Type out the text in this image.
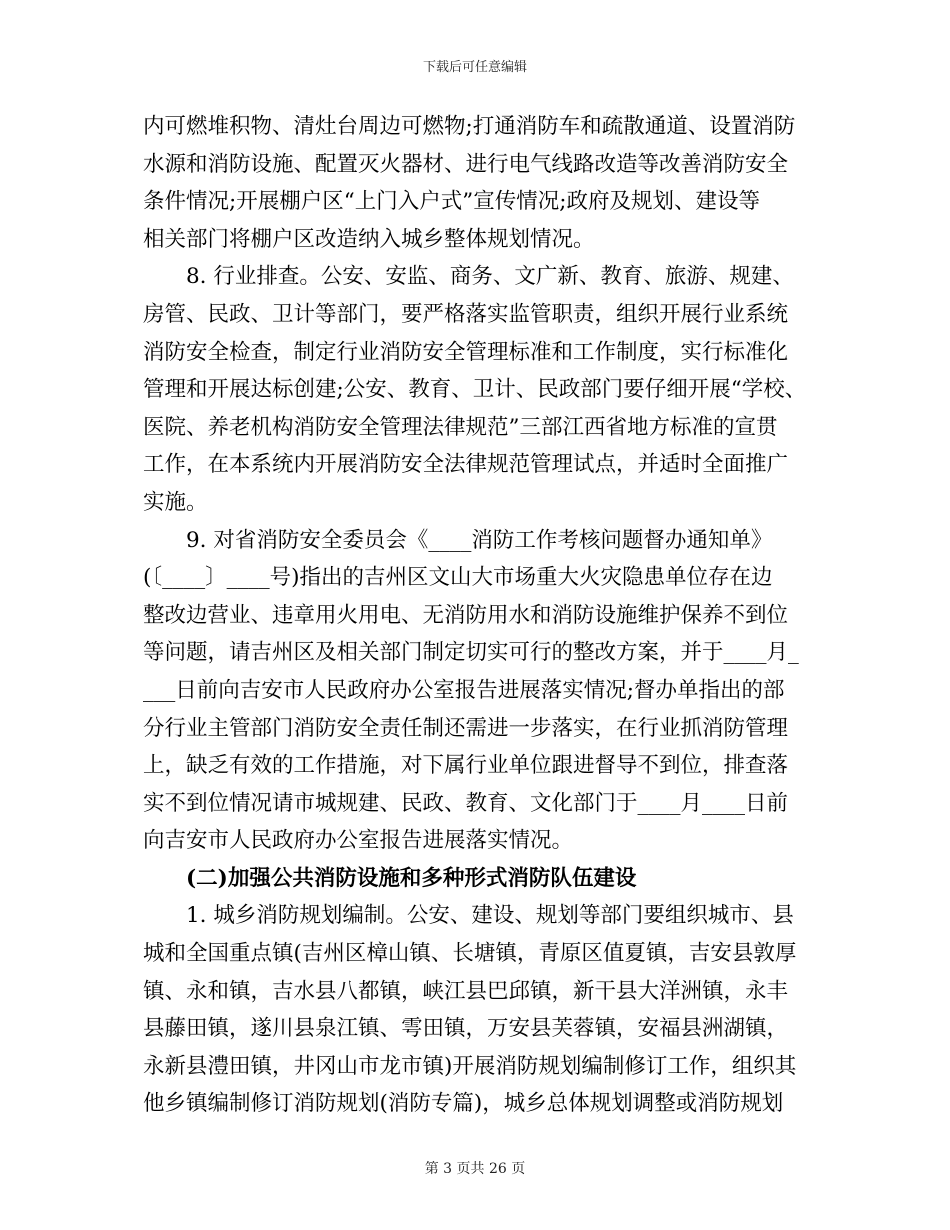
下载后可任意编辑
内可燃堆积物、清灶台周边可燃物;打通消防车和疏散通道、设置消防
水源和消防设施、配置灭火器材、进行电气线路改造等改善消防安全
条件情况;开展棚户区“上门入户式”宣传情况;政府及规划、建设等
相关部门将棚户区改造纳入城乡整体规划情况。
8. 行业排查。公安、安监、商务、文广新、教育、旅游、规建、
房管、民政、卫计等部门，要严格落实监管职责，组织开展行业系统
消防安全检查，制定行业消防安全管理标准和工作制度，实行标准化
管理和开展达标创建;公安、教育、卫计、民政部门要仔细开展“学校、
医院、养老机构消防安全管理法律规范”三部江西省地方标准的宣贯
工作，在本系统内开展消防安全法律规范管理试点，并适时全面推广
实施。
9. 对省消防安全委员会《____消防工作考核问题督办通知单》
(〔____〕____号)指出的吉州区文山大市场重大火灾隐患单位存在边
整改边营业、违章用火用电、无消防用水和消防设施维护保养不到位
等问题，请吉州区及相关部门制定切实可行的整改方案，并于____月_
___日前向吉安市人民政府办公室报告进展落实情况;督办单指出的部
分行业主管部门消防安全责任制还需进一步落实，在行业抓消防管理
上，缺乏有效的工作措施，对下属行业单位跟进督导不到位，排查落
实不到位情况请市城规建、民政、教育、文化部门于____月____日前
向吉安市人民政府办公室报告进展落实情况。
(二)加强公共消防设施和多种形式消防队伍建设
1. 城乡消防规划编制。公安、建设、规划等部门要组织城市、县
城和全国重点镇(吉州区樟山镇、长塘镇，青原区值夏镇，吉安县敦厚
镇、永和镇，吉水县八都镇，峡江县巴邱镇，新干县大洋洲镇，永丰
县藤田镇，遂川县泉江镇、雩田镇，万安县芙蓉镇，安福县洲湖镇，
永新县澧田镇，井冈山市龙市镇)开展消防规划编制修订工作，组织其
他乡镇编制修订消防规划(消防专篇)，城乡总体规划调整或消防规划
第 3 页共 26 页
